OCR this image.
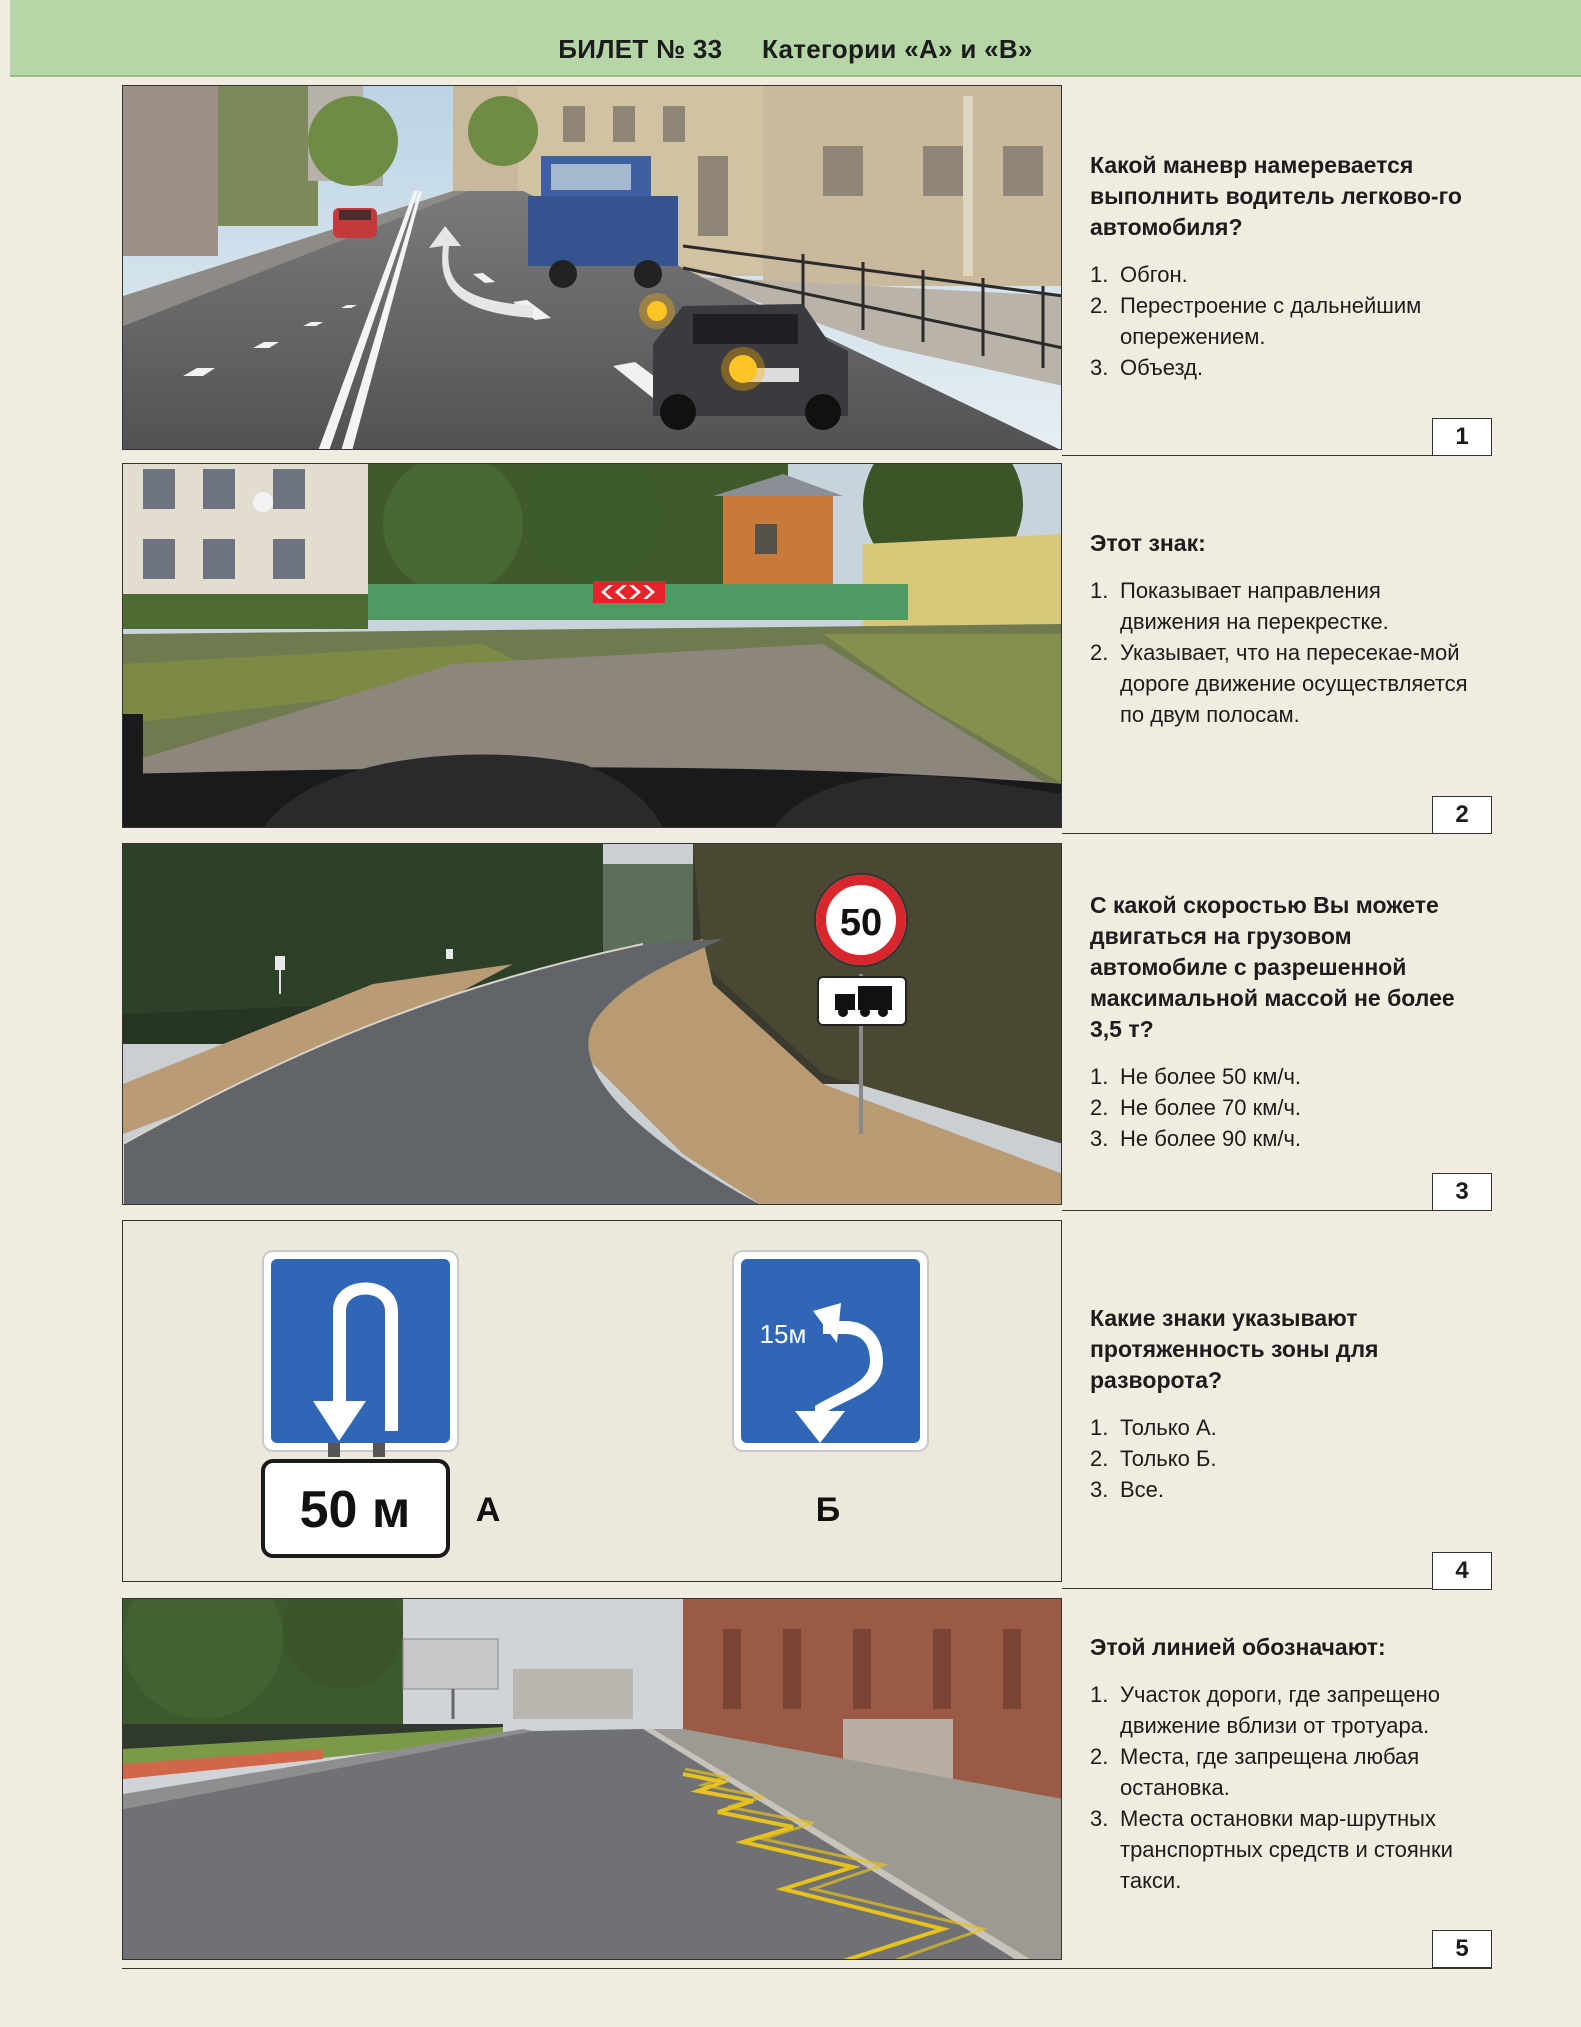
БИЛЕТ № 33 Категории «А» и «В»

Какой маневр намеревается выполнить водитель легково-го автомобиля?

1. Обгон.
2. Перестроение с дальнейшим опережением.
3. Объезд.
1

Этот знак:

1. Показывает направления движения на перекрестке.
2. Указывает, что на пересекае-мой дороге движение осуществляется по двум полосам.
2
50	С какой скоростью Вы можете двигаться на грузовом автомобиле с разрешенной максимальной массой не более 3,5 т?

1. Не более 50 км/ч.
2. Не более 70 км/ч.
3. Не более 90 км/ч.
3
50 м А
15м
Б

Какие знаки указывают протяженность зоны для разворота?

1. Только А.
2. Только Б.
3. Все.
4

Этой линией обозначают:

1. Участок дороги, где запрещено движение вблизи от тротуара.
2. Места, где запрещена любая остановка.
3. Места остановки мар-шрутных транспортных средств и стоянки такси.
5
